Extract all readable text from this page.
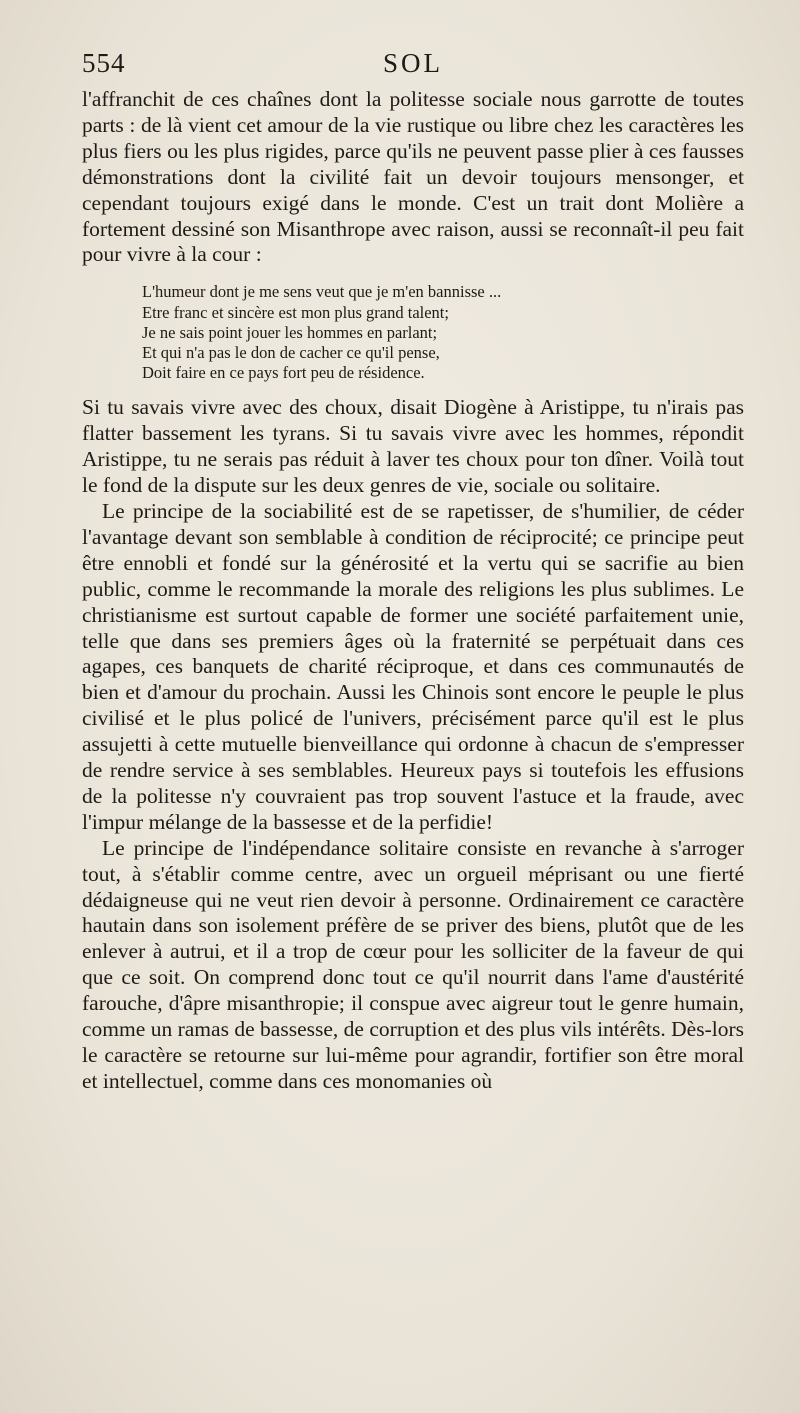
554	SOL

l'affranchit de ces chaînes dont la politesse sociale nous garrotte de toutes parts : de là vient cet amour de la vie rustique ou libre chez les caractères les plus fiers ou les plus rigides, parce qu'ils ne peuvent passe plier à ces fausses démonstrations dont la civilité fait un devoir toujours mensonger, et cependant toujours exigé dans le monde. C'est un trait dont Molière a fortement dessiné son Misanthrope avec raison, aussi se reconnaît-il peu fait pour vivre à la cour :

L'humeur dont je me sens veut que je m'en bannisse ...
Etre franc et sincère est mon plus grand talent;
Je ne sais point jouer les hommes en parlant;
Et qui n'a pas le don de cacher ce qu'il pense,
Doit faire en ce pays fort peu de résidence.

Si tu savais vivre avec des choux, disait Diogène à Aristippe, tu n'irais pas flatter bassement les tyrans. Si tu savais vivre avec les hommes, répondit Aristippe, tu ne serais pas réduit à laver tes choux pour ton dîner. Voilà tout le fond de la dispute sur les deux genres de vie, sociale ou solitaire.

Le principe de la sociabilité est de se rapetisser, de s'humilier, de céder l'avantage devant son semblable à condition de réciprocité; ce principe peut être ennobli et fondé sur la générosité et la vertu qui se sacrifie au bien public, comme le recommande la morale des religions les plus sublimes. Le christianisme est surtout capable de former une société parfaitement unie, telle que dans ses premiers âges où la fraternité se perpétuait dans ces agapes, ces banquets de charité réciproque, et dans ces communautés de bien et d'amour du prochain. Aussi les Chinois sont encore le peuple le plus civilisé et le plus policé de l'univers, précisément parce qu'il est le plus assujetti à cette mutuelle bienveillance qui ordonne à chacun de s'empresser de rendre service à ses semblables. Heureux pays si toutefois les effusions de la politesse n'y couvraient pas trop souvent l'astuce et la fraude, avec l'impur mélange de la bassesse et de la perfidie!

Le principe de l'indépendance solitaire consiste en revanche à s'arroger tout, à s'établir comme centre, avec un orgueil méprisant ou une fierté dédaigneuse qui ne veut rien devoir à personne. Ordinairement ce caractère hautain dans son isolement préfère de se priver des biens, plutôt que de les enlever à autrui, et il a trop de cœur pour les solliciter de la faveur de qui que ce soit. On comprend donc tout ce qu'il nourrit dans l'ame d'austérité farouche, d'âpre misanthropie; il conspue avec aigreur tout le genre humain, comme un ramas de bassesse, de corruption et des plus vils intérêts. Dès-lors le caractère se retourne sur lui-même pour agrandir, fortifier son être moral et intellectuel, comme dans ces monomanies où
